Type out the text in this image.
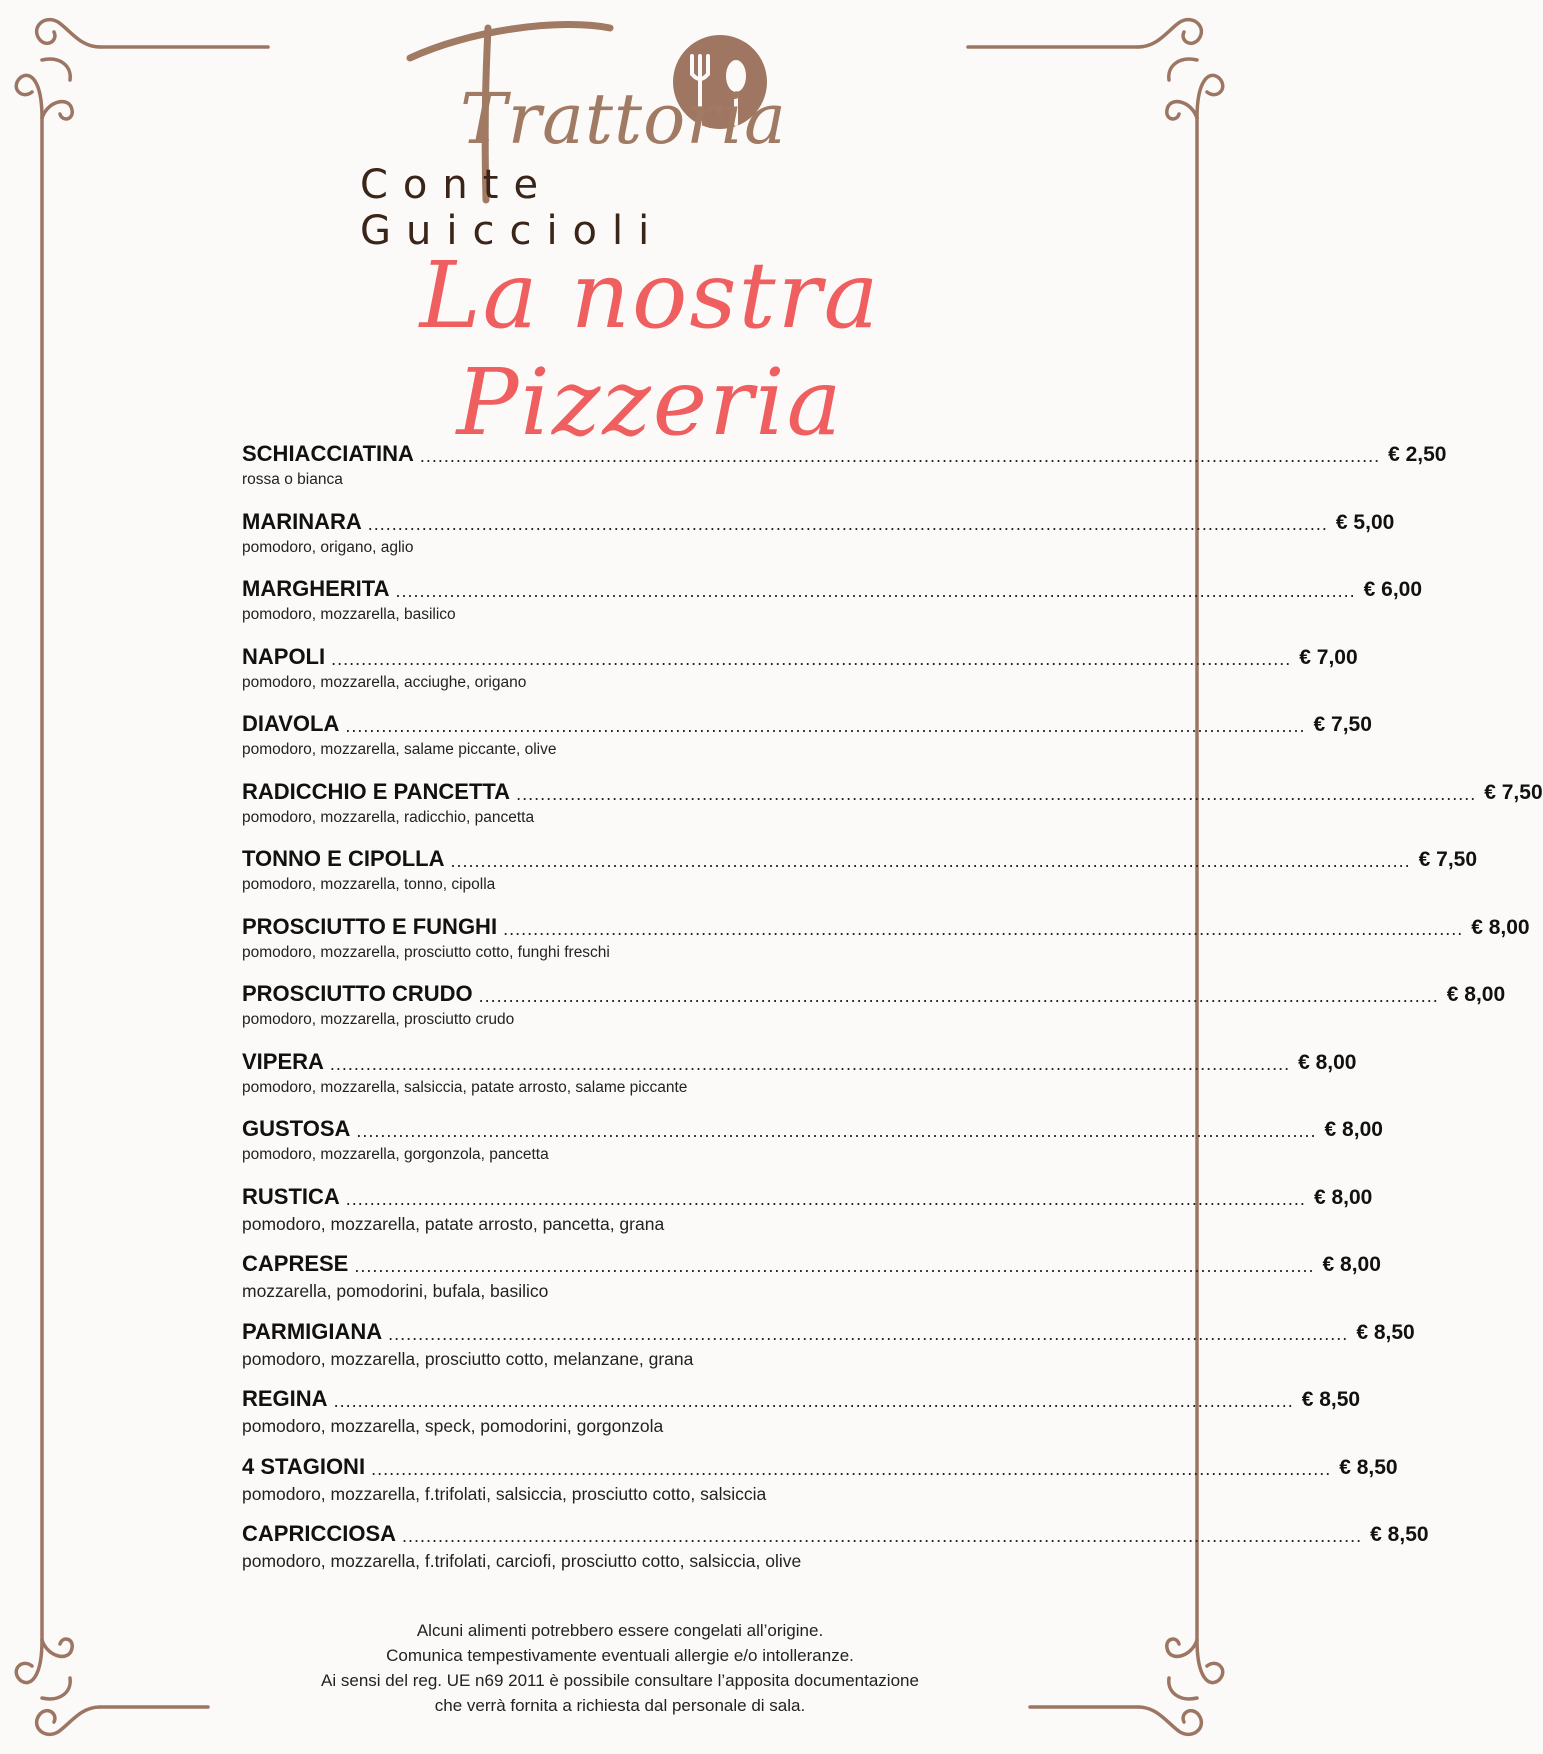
Trattoria
Conte Guiccioli
La nostra Pizzeria
SCHIACCIATINA ................................................................................................................................................................ € 2,50
rossa o bianca
MARINARA ................................................................................................................................................................ € 5,00
pomodoro, origano, aglio
MARGHERITA ................................................................................................................................................................ € 6,00
pomodoro, mozzarella, basilico
NAPOLI ................................................................................................................................................................ € 7,00
pomodoro, mozzarella, acciughe, origano
DIAVOLA ................................................................................................................................................................ € 7,50
pomodoro, mozzarella, salame piccante, olive
RADICCHIO E PANCETTA ................................................................................................................................................................ € 7,50
pomodoro, mozzarella, radicchio, pancetta
TONNO E CIPOLLA ................................................................................................................................................................ € 7,50
pomodoro, mozzarella, tonno, cipolla
PROSCIUTTO E FUNGHI ................................................................................................................................................................ € 8,00
pomodoro, mozzarella, prosciutto cotto, funghi freschi
PROSCIUTTO CRUDO ................................................................................................................................................................ € 8,00
pomodoro, mozzarella, prosciutto crudo
VIPERA ................................................................................................................................................................ € 8,00
pomodoro, mozzarella, salsiccia, patate arrosto, salame piccante
GUSTOSA ................................................................................................................................................................ € 8,00
pomodoro, mozzarella, gorgonzola, pancetta
RUSTICA ................................................................................................................................................................ € 8,00
pomodoro, mozzarella, patate arrosto, pancetta, grana
CAPRESE ................................................................................................................................................................ € 8,00
mozzarella, pomodorini, bufala, basilico
PARMIGIANA ................................................................................................................................................................ € 8,50
pomodoro, mozzarella, prosciutto cotto, melanzane, grana
REGINA ................................................................................................................................................................ € 8,50
pomodoro, mozzarella, speck, pomodorini, gorgonzola
4 STAGIONI ................................................................................................................................................................ € 8,50
pomodoro, mozzarella, f.trifolati, salsiccia, prosciutto cotto, salsiccia
CAPRICCIOSA ................................................................................................................................................................ € 8,50
pomodoro, mozzarella, f.trifolati, carciofi, prosciutto cotto, salsiccia, olive
Alcuni alimenti potrebbero essere congelati all’origine.
Comunica tempestivamente eventuali allergie e/o intolleranze.
Ai sensi del reg. UE n69 2011 è possibile consultare l’apposita documentazione
che verrà fornita a richiesta dal personale di sala.
